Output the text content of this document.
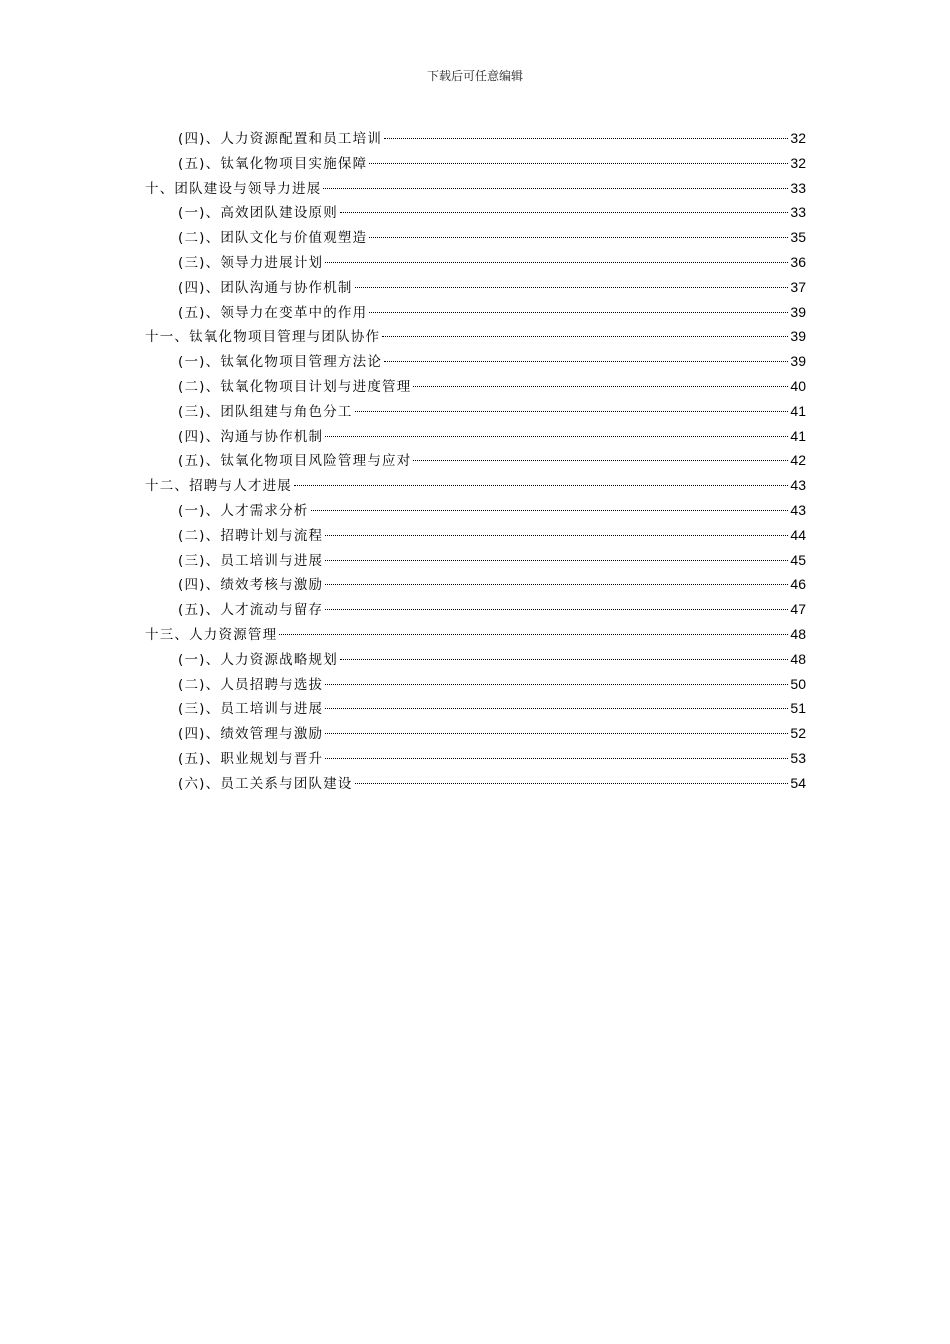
下载后可任意编辑
(四)、人力资源配置和员工培训	32
(五)、钛氧化物项目实施保障	32
十、团队建设与领导力进展	33
(一)、高效团队建设原则	33
(二)、团队文化与价值观塑造	35
(三)、领导力进展计划	36
(四)、团队沟通与协作机制	37
(五)、领导力在变革中的作用	39
十一、钛氧化物项目管理与团队协作	39
(一)、钛氧化物项目管理方法论	39
(二)、钛氧化物项目计划与进度管理	40
(三)、团队组建与角色分工	41
(四)、沟通与协作机制	41
(五)、钛氧化物项目风险管理与应对	42
十二、招聘与人才进展	43
(一)、人才需求分析	43
(二)、招聘计划与流程	44
(三)、员工培训与进展	45
(四)、绩效考核与激励	46
(五)、人才流动与留存	47
十三、人力资源管理	48
(一)、人力资源战略规划	48
(二)、人员招聘与选拔	50
(三)、员工培训与进展	51
(四)、绩效管理与激励	52
(五)、职业规划与晋升	53
(六)、员工关系与团队建设	54
